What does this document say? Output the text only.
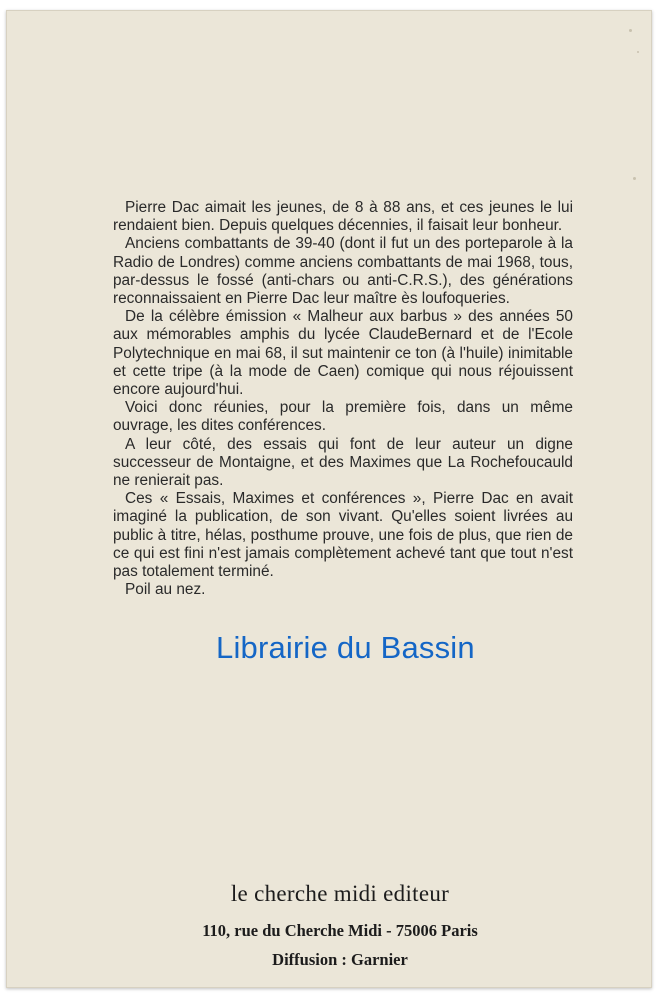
Pierre Dac aimait les jeunes, de 8 à 88 ans, et ces jeunes le lui rendaient bien. Depuis quelques décennies, il faisait leur bonheur.

Anciens combattants de 39-40 (dont il fut un des porteparole à la Radio de Londres) comme anciens combattants de mai 1968, tous, par-dessus le fossé (anti-chars ou anti-C.R.S.), des générations reconnaissaient en Pierre Dac leur maître ès loufoqueries.

De la célèbre émission « Malheur aux barbus » des années 50 aux mémorables amphis du lycée ClaudeBernard et de l'Ecole Polytechnique en mai 68, il sut maintenir ce ton (à l'huile) inimitable et cette tripe (à la mode de Caen) comique qui nous réjouissent encore aujourd'hui.

Voici donc réunies, pour la première fois, dans un même ouvrage, les dites conférences.

A leur côté, des essais qui font de leur auteur un digne successeur de Montaigne, et des Maximes que La Rochefoucauld ne renierait pas.

Ces « Essais, Maximes et conférences », Pierre Dac en avait imaginé la publication, de son vivant. Qu'elles soient livrées au public à titre, hélas, posthume prouve, une fois de plus, que rien de ce qui est fini n'est jamais complètement achevé tant que tout n'est pas totalement terminé.

Poil au nez.

Librairie du Bassin
le cherche midi editeur
110, rue du Cherche Midi - 75006 Paris
Diffusion : Garnier
